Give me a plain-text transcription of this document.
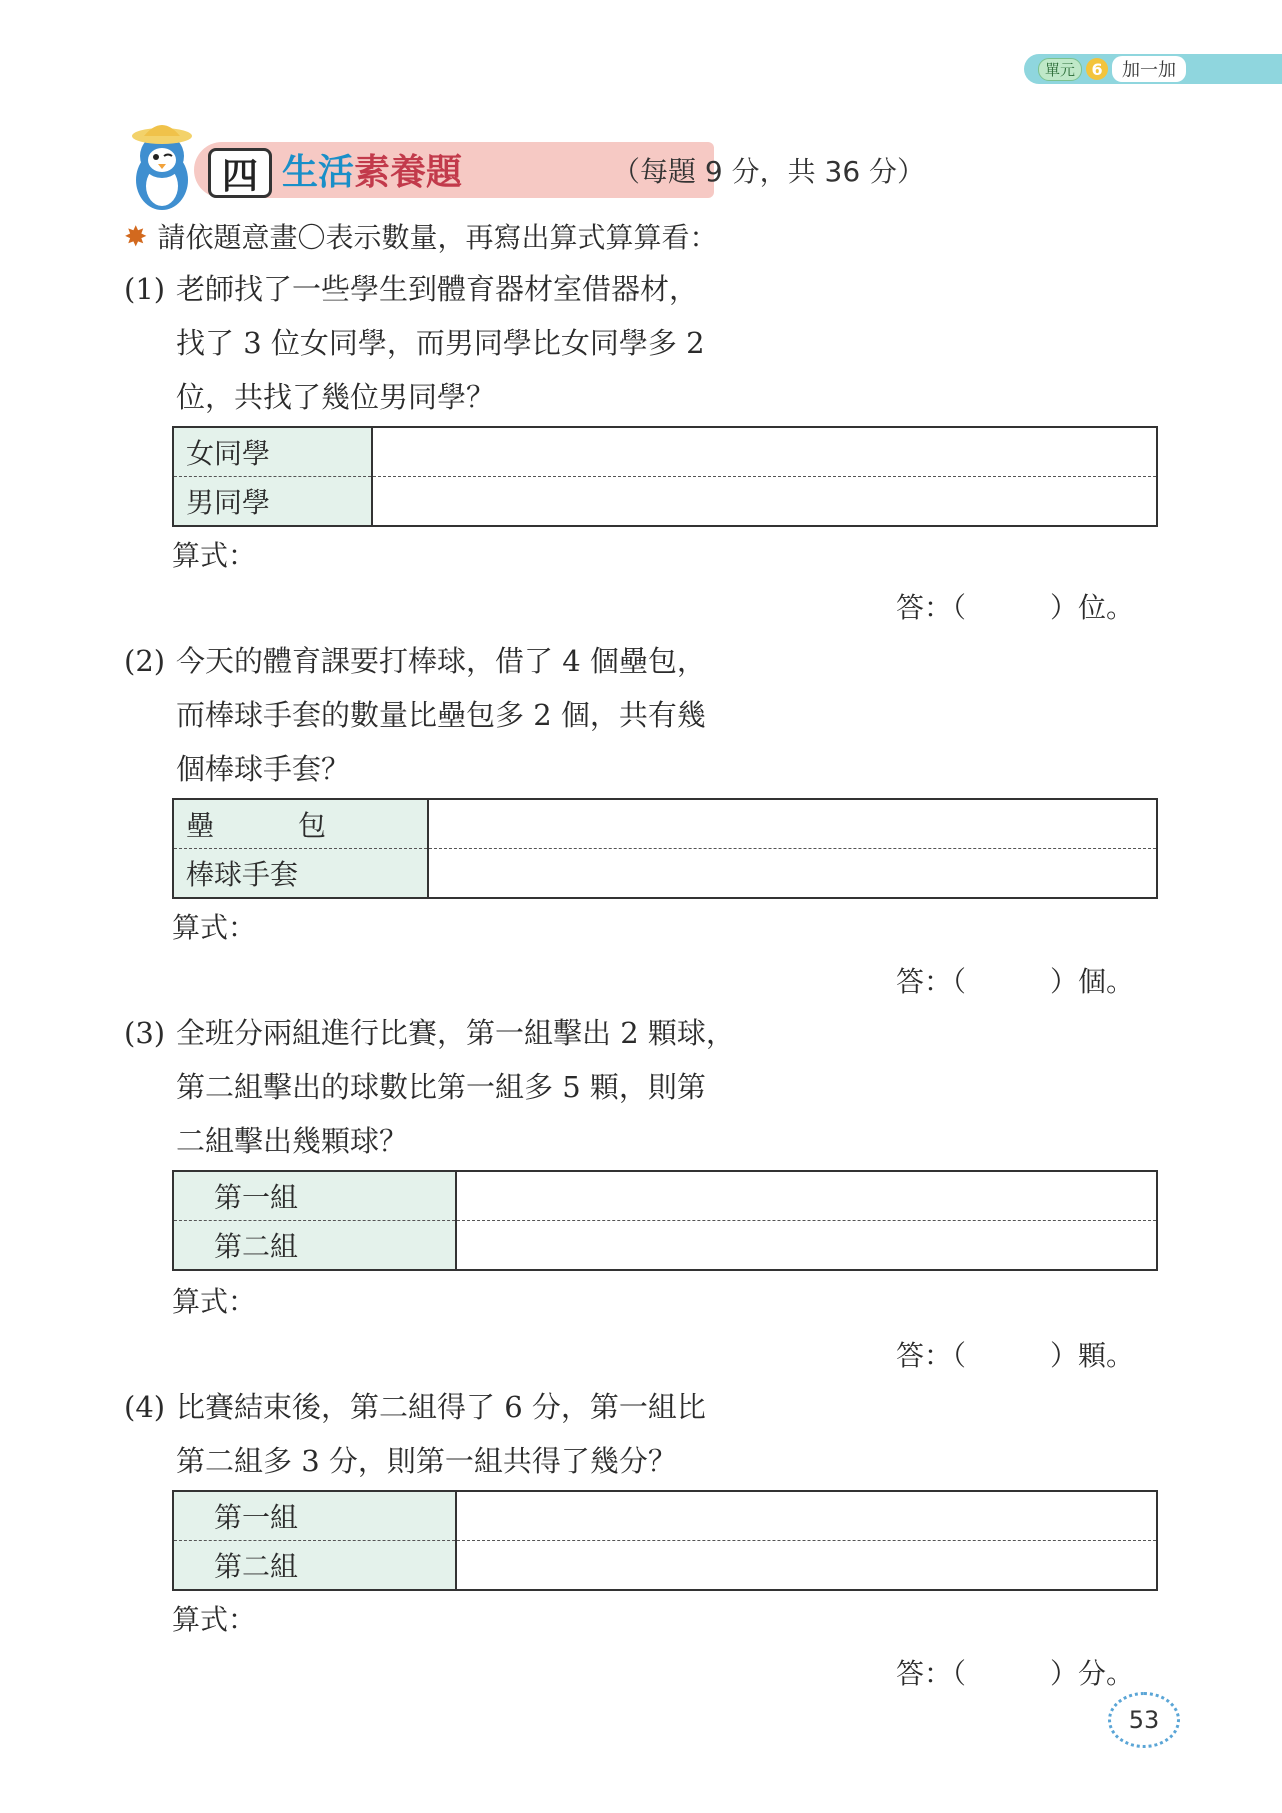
單元	6	加一加
四 生活 素養題	（每題 9 分，共 36 分）
✸ 請依題意畫〇表示數量，再寫出算式算算看：
(1) 老師找了一些學生到體育器材室借器材，
找了 3 位女同學，而男同學比女同學多 2
位，共找了幾位男同學？
女同學	
男同學	
算式：
答：（　　　）位。
(2) 今天的體育課要打棒球，借了 4 個壘包，
而棒球手套的數量比壘包多 2 個，共有幾
個棒球手套？
壘　　　包	
棒球手套	
算式：
答：（　　　）個。
(3) 全班分兩組進行比賽，第一組擊出 2 顆球，
第二組擊出的球數比第一組多 5 顆，則第
二組擊出幾顆球？
第一組	
第二組	
算式：
答：（　　　）顆。
(4) 比賽結束後，第二組得了 6 分，第一組比
第二組多 3 分，則第一組共得了幾分？
第一組	
第二組	
算式：
答：（　　　）分。
53
